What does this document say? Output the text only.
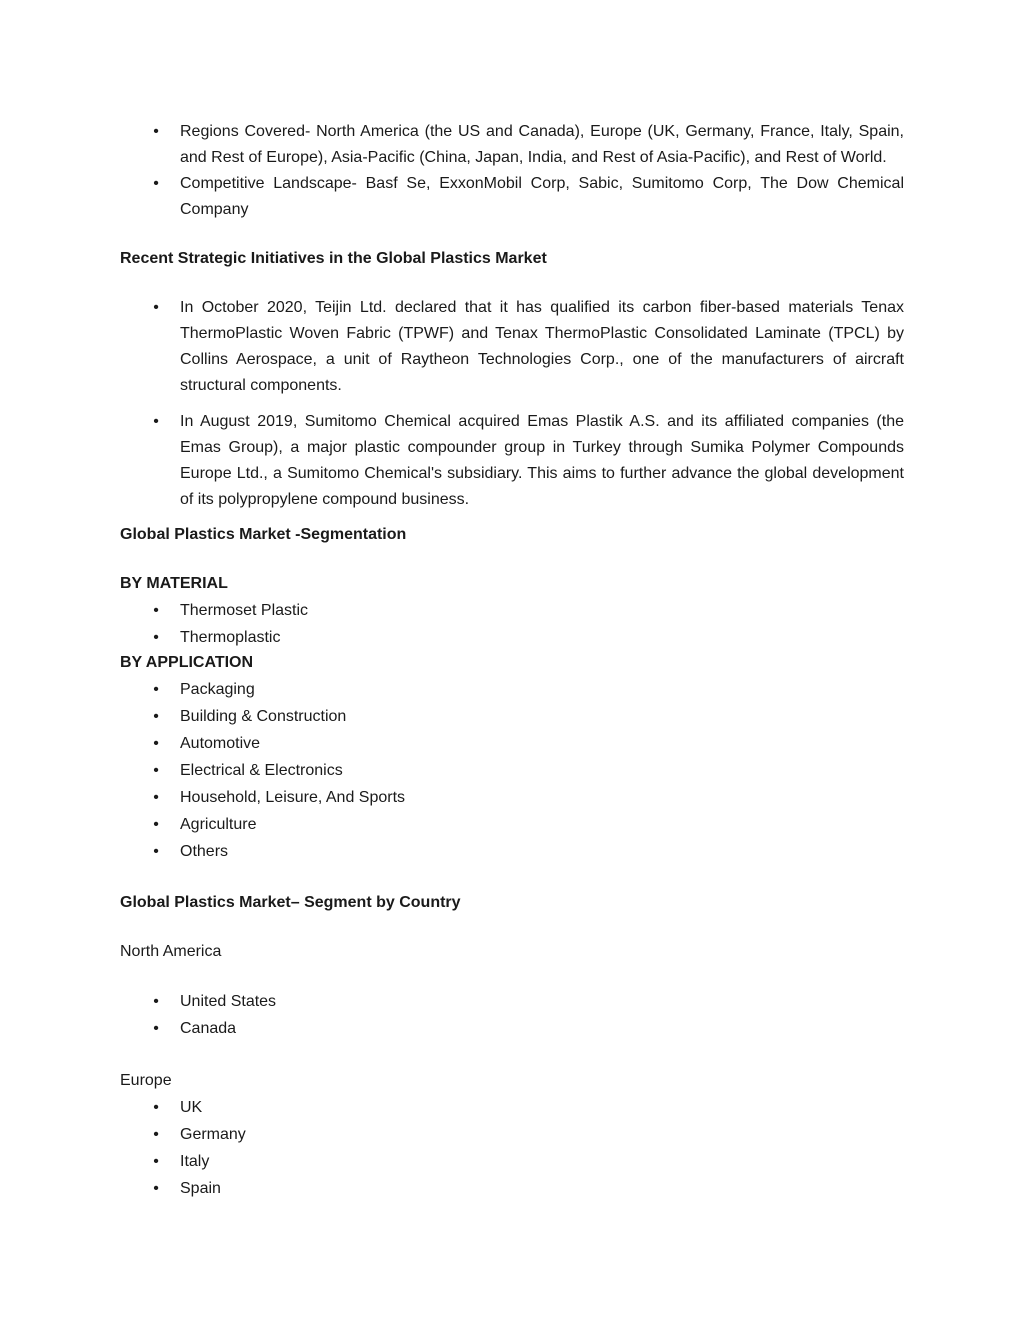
• Regions Covered- North America (the US and Canada), Europe (UK, Germany, France, Italy, Spain, and Rest of Europe), Asia-Pacific (China, Japan, India, and Rest of Asia-Pacific), and Rest of World.
• Competitive Landscape- Basf Se, ExxonMobil Corp, Sabic, Sumitomo Corp, The Dow Chemical Company

Recent Strategic Initiatives in the Global Plastics Market

• In October 2020, Teijin Ltd. declared that it has qualified its carbon fiber-based materials Tenax ThermoPlastic Woven Fabric (TPWF) and Tenax ThermoPlastic Consolidated Laminate (TPCL) by Collins Aerospace, a unit of Raytheon Technologies Corp., one of the manufacturers of aircraft structural components.
• In August 2019, Sumitomo Chemical acquired Emas Plastik A.S. and its affiliated companies (the Emas Group), a major plastic compounder group in Turkey through Sumika Polymer Compounds Europe Ltd., a Sumitomo Chemical's subsidiary. This aims to further advance the global development of its polypropylene compound business.

Global Plastics Market -Segmentation

BY MATERIAL

• Thermoset Plastic
• Thermoplastic

BY APPLICATION

• Packaging
• Building & Construction
• Automotive
• Electrical & Electronics
• Household, Leisure, And Sports
• Agriculture
• Others

Global Plastics Market– Segment by Country

North America

• United States
• Canada

Europe

• UK
• Germany
• Italy
• Spain
